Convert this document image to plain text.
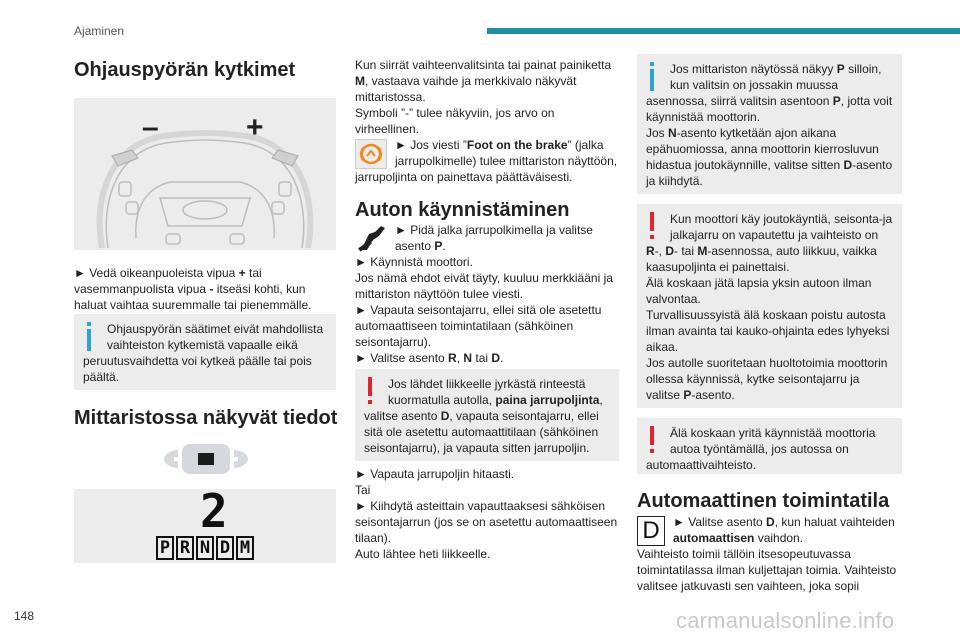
Ajaminen
148	carmanualsonline.info
Ohjauspyörän kytkimet
–	+
► Vedä oikeanpuoleista vipua + tai vasemmanpuolista vipua - itseäsi kohti, kun haluat vaihtaa suuremmalle tai pienemmälle.
Ohjauspyörän säätimet eivät mahdollista vaihteiston kytkemistä vapaalle eikä peruutusvaihdetta voi kytkeä päälle tai pois päältä.
Mittaristossa näkyvät tiedot
2
P R N D M
Kun siirrät vaihteenvalitsinta tai painat painiketta M, vastaava vaihde ja merkkivalo näkyvät mittaristossa.
Symboli ”-” tulee näkyviin, jos arvo on virheellinen.
► Jos viesti ”Foot on the brake” (jalka jarrupolkimelle) tulee mittariston näyttöön, jarrupoljinta on painettava päättäväisesti.
Auton käynnistäminen
► Pidä jalka jarrupolkimella ja valitse asento P.
► Käynnistä moottori.
Jos nämä ehdot eivät täyty, kuuluu merkkiääni ja mittariston näyttöön tulee viesti.
► Vapauta seisontajarru, ellei sitä ole asetettu automaattiseen toimintatilaan (sähköinen seisontajarru).
► Valitse asento R, N tai D.
Jos lähdet liikkeelle jyrkästä rinteestä kuormatulla autolla, paina jarrupoljinta, valitse asento D, vapauta seisontajarru, ellei sitä ole asetettu automaattitilaan (sähköinen seisontajarru), ja vapauta sitten jarrupoljin.
► Vapauta jarrupoljin hitaasti.
Tai
► Kiihdytä asteittain vapauttaaksesi sähköisen seisontajarrun (jos se on asetettu automaattiseen tilaan).
Auto lähtee heti liikkeelle.
Jos mittariston näytössä näkyy P silloin, kun valitsin on jossakin muussa asennossa, siirrä valitsin asentoon P, jotta voit käynnistää moottorin.
Jos N-asento kytketään ajon aikana epähuomiossa, anna moottorin kierrosluvun hidastua joutokäynnille, valitse sitten D-asento ja kiihdytä.
Kun moottori käy joutokäyntiä, seisonta-ja jalkajarru on vapautettu ja vaihteisto on R-, D- tai M-asennossa, auto liikkuu, vaikka kaasupoljinta ei painettaisi.
Älä koskaan jätä lapsia yksin autoon ilman valvontaa.
Turvallisuussyistä älä koskaan poistu autosta ilman avainta tai kauko-ohjainta edes lyhyeksi aikaa.
Jos autolle suoritetaan huoltotoimia moottorin ollessa käynnissä, kytke seisontajarru ja valitse P-asento.
Älä koskaan yritä käynnistää moottoria autoa työntämällä, jos autossa on automaattivaihteisto.
Automaattinen toimintatila
D	► Valitse asento D, kun haluat vaihteiden automaattisen vaihdon.
Vaihteisto toimii tällöin itsesopeutuvassa toimintatilassa ilman kuljettajan toimia. Vaihteisto valitsee jatkuvasti sen vaihteen, joka sopii
